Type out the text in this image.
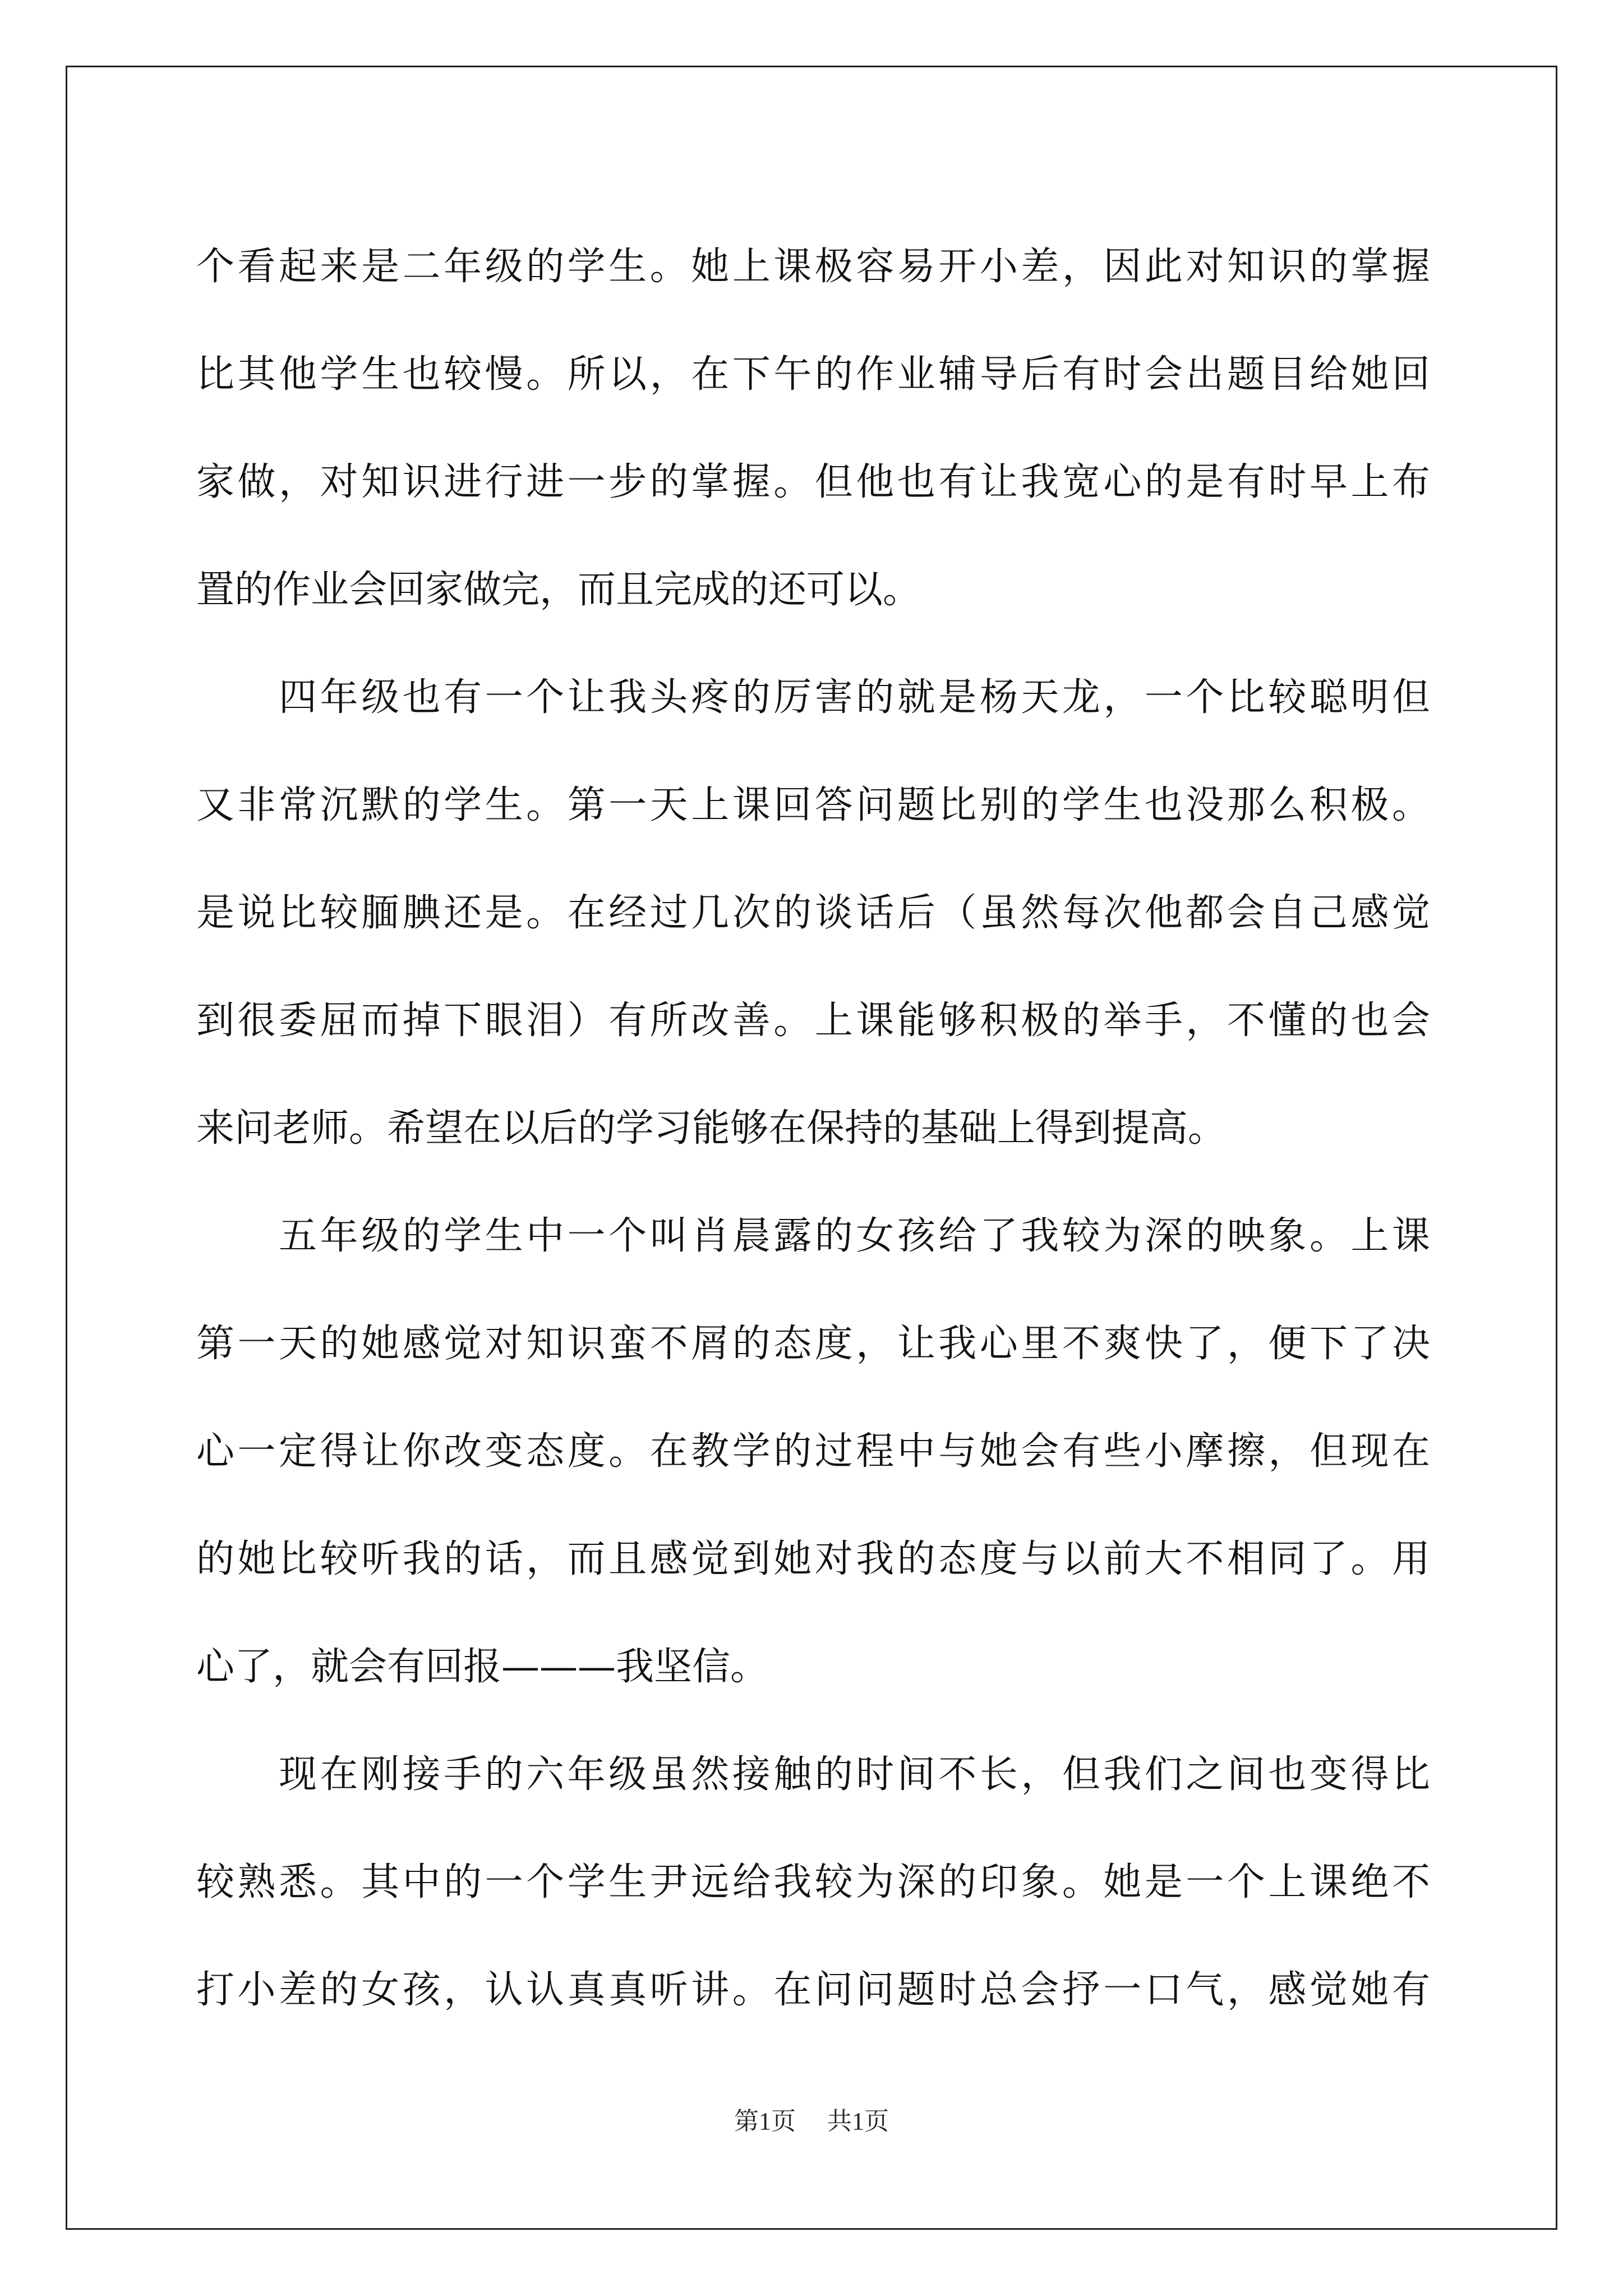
个看起来是二年级的学生。她上课极容易开小差，因此对知识的掌握
比其他学生也较慢。所以，在下午的作业辅导后有时会出题目给她回
家做，对知识进行进一步的掌握。但他也有让我宽心的是有时早上布
置的作业会回家做完，而且完成的还可以。
　　四年级也有一个让我头疼的厉害的就是杨天龙，一个比较聪明但
又非常沉默的学生。第一天上课回答问题比别的学生也没那么积极。
是说比较腼腆还是。在经过几次的谈话后（虽然每次他都会自己感觉
到很委屈而掉下眼泪）有所改善。上课能够积极的举手，不懂的也会
来问老师。希望在以后的学习能够在保持的基础上得到提高。
　　五年级的学生中一个叫肖晨露的女孩给了我较为深的映象。上课
第一天的她感觉对知识蛮不屑的态度，让我心里不爽快了，便下了决
心一定得让你改变态度。在教学的过程中与她会有些小摩擦，但现在
的她比较听我的话，而且感觉到她对我的态度与以前大不相同了。用
心了，就会有回报———我坚信。
　　现在刚接手的六年级虽然接触的时间不长，但我们之间也变得比
较熟悉。其中的一个学生尹远给我较为深的印象。她是一个上课绝不
打小差的女孩，认认真真听讲。在问问题时总会抒一口气，感觉她有
第1页 共1页
